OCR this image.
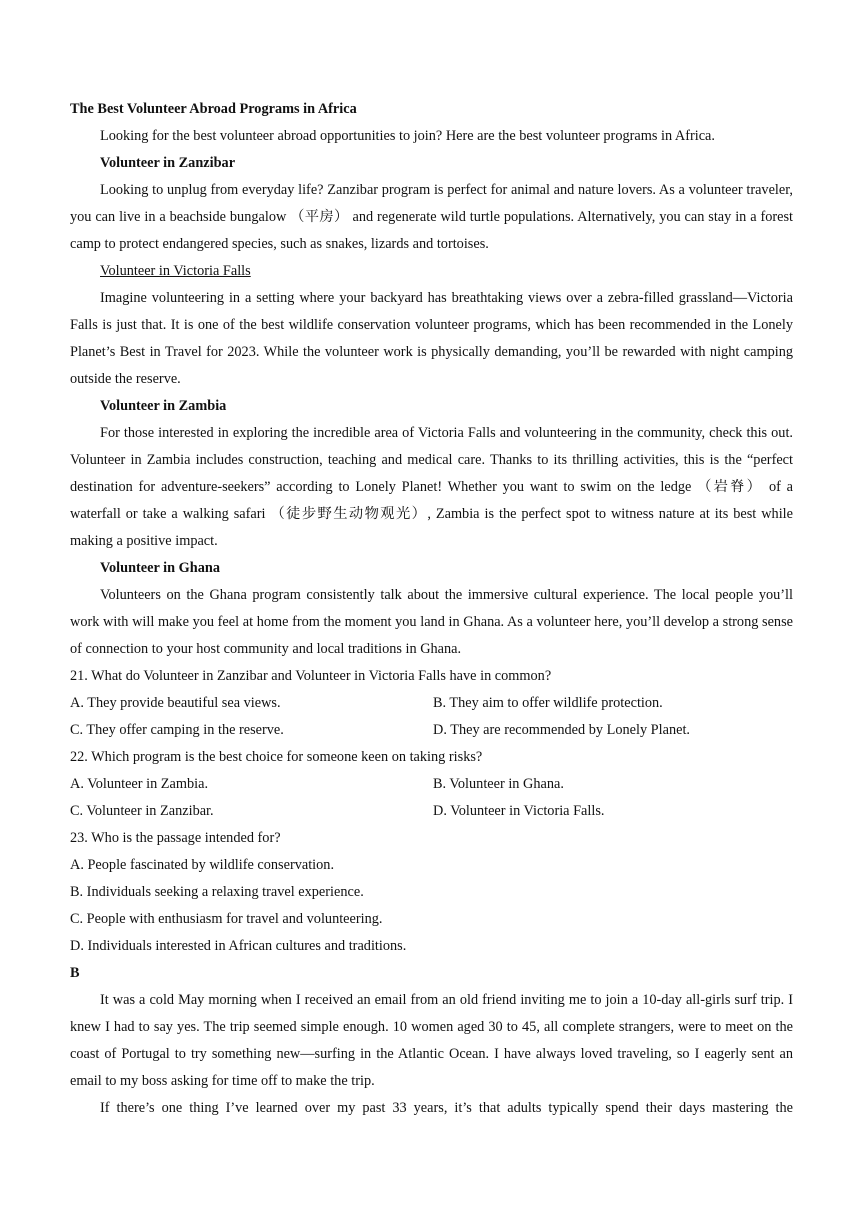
The Best Volunteer Abroad Programs in Africa

Looking for the best volunteer abroad opportunities to join? Here are the best volunteer programs in Africa.

Volunteer in Zanzibar

Looking to unplug from everyday life? Zanzibar program is perfect for animal and nature lovers. As a volunteer traveler, you can live in a beachside bungalow （平房） and regenerate wild turtle populations. Alternatively, you can stay in a forest camp to protect endangered species, such as snakes, lizards and tortoises.

Volunteer in Victoria Falls

Imagine volunteering in a setting where your backyard has breathtaking views over a zebra-filled grassland—Victoria Falls is just that. It is one of the best wildlife conservation volunteer programs, which has been recommended in the Lonely Planet’s Best in Travel for 2023. While the volunteer work is physically demanding, you’ll be rewarded with night camping outside the reserve.

Volunteer in Zambia

For those interested in exploring the incredible area of Victoria Falls and volunteering in the community, check this out. Volunteer in Zambia includes construction, teaching and medical care. Thanks to its thrilling activities, this is the “perfect destination for adventure-seekers” according to Lonely Planet! Whether you want to swim on the ledge （岩脊） of a waterfall or take a walking safari （徒步野生动物观光）, Zambia is the perfect spot to witness nature at its best while making a positive impact.

Volunteer in Ghana

Volunteers on the Ghana program consistently talk about the immersive cultural experience. The local people you’ll work with will make you feel at home from the moment you land in Ghana. As a volunteer here, you’ll develop a strong sense of connection to your host community and local traditions in Ghana.

21. What do Volunteer in Zanzibar and Volunteer in Victoria Falls have in common?

A. They provide beautiful sea views.	B. They aim to offer wildlife protection.
C. They offer camping in the reserve.	D. They are recommended by Lonely Planet.

22. Which program is the best choice for someone keen on taking risks?

A. Volunteer in Zambia.	B. Volunteer in Ghana.
C. Volunteer in Zanzibar.	D. Volunteer in Victoria Falls.

23. Who is the passage intended for?

A. People fascinated by wildlife conservation.

B. Individuals seeking a relaxing travel experience.

C. People with enthusiasm for travel and volunteering.

D. Individuals interested in African cultures and traditions.

B

It was a cold May morning when I received an email from an old friend inviting me to join a 10-day all-girls surf trip. I knew I had to say yes. The trip seemed simple enough. 10 women aged 30 to 45, all complete strangers, were to meet on the coast of Portugal to try something new—surfing in the Atlantic Ocean. I have always loved traveling, so I eagerly sent an email to my boss asking for time off to make the trip.

If there’s one thing I’ve learned over my past 33 years, it’s that adults typically spend their days mastering the
